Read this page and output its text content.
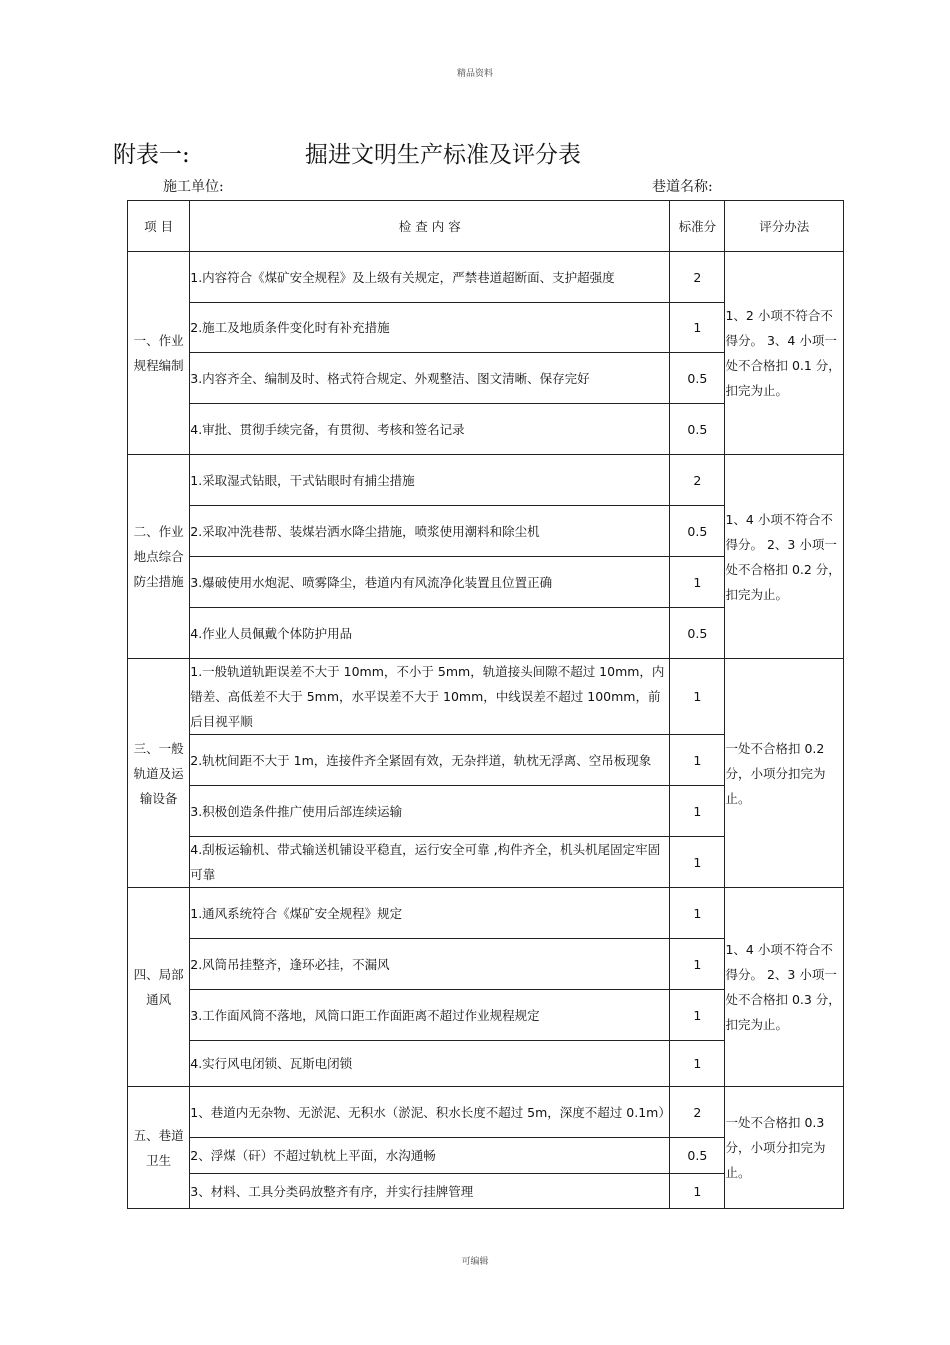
精品资料
附表一:	掘进文明生产标准及评分表
施工单位:	巷道名称:
项 目	检 查 内 容	标准分	评分办法
一、作业规程编制	1.内容符合《煤矿安全规程》及上级有关规定，严禁巷道超断面、支护超强度	2	1、2 小项不符合不得分。 3、4 小项一处不合格扣 0.1 分，扣完为止。
	2.施工及地质条件变化时有补充措施	1	
	3.内容齐全、编制及时、格式符合规定、外观整洁、图文清晰、保存完好	0.5	
	4.审批、贯彻手续完备，有贯彻、考核和签名记录	0.5	
二、作业地点综合防尘措施	1.采取湿式钻眼，干式钻眼时有捕尘措施	2	1、4 小项不符合不得分。 2、3 小项一处不合格扣 0.2 分，扣完为止。
	2.采取冲洗巷帮、装煤岩洒水降尘措施，喷浆使用潮料和除尘机	0.5	
	3.爆破使用水炮泥、喷雾降尘，巷道内有风流净化装置且位置正确	1	
	4.作业人员佩戴个体防护用品	0.5	
三、一般轨道及运输设备	1.一般轨道轨距误差不大于 10mm，不小于 5mm，轨道接头间隙不超过 10mm，内错差、高低差不大于 5mm，水平误差不大于 10mm，中线误差不超过 100mm，前后目视平顺	1	一处不合格扣 0.2 分，小项分扣完为止。
	2.轨枕间距不大于 1m，连接件齐全紧固有效，无杂拌道，轨枕无浮离、空吊板现象	1	
	3.积极创造条件推广使用后部连续运输	1	
	4.刮板运输机、带式输送机铺设平稳直，运行安全可靠 ,构件齐全，机头机尾固定牢固可靠	1	
四、局部通风	1.通风系统符合《煤矿安全规程》规定	1	1、4 小项不符合不得分。 2、3 小项一处不合格扣 0.3 分，扣完为止。
	2.风筒吊挂整齐，逢环必挂，不漏风	1	
	3.工作面风筒不落地，风筒口距工作面距离不超过作业规程规定	1	
	4.实行风电闭锁、瓦斯电闭锁	1	
五、巷道卫生	1、巷道内无杂物、无淤泥、无积水（淤泥、积水长度不超过 5m，深度不超过 0.1m）	2	一处不合格扣 0.3 分，小项分扣完为止。
	2、浮煤（矸）不超过轨枕上平面，水沟通畅	0.5	
	3、材料、工具分类码放整齐有序，并实行挂牌管理	1	
可编辑
